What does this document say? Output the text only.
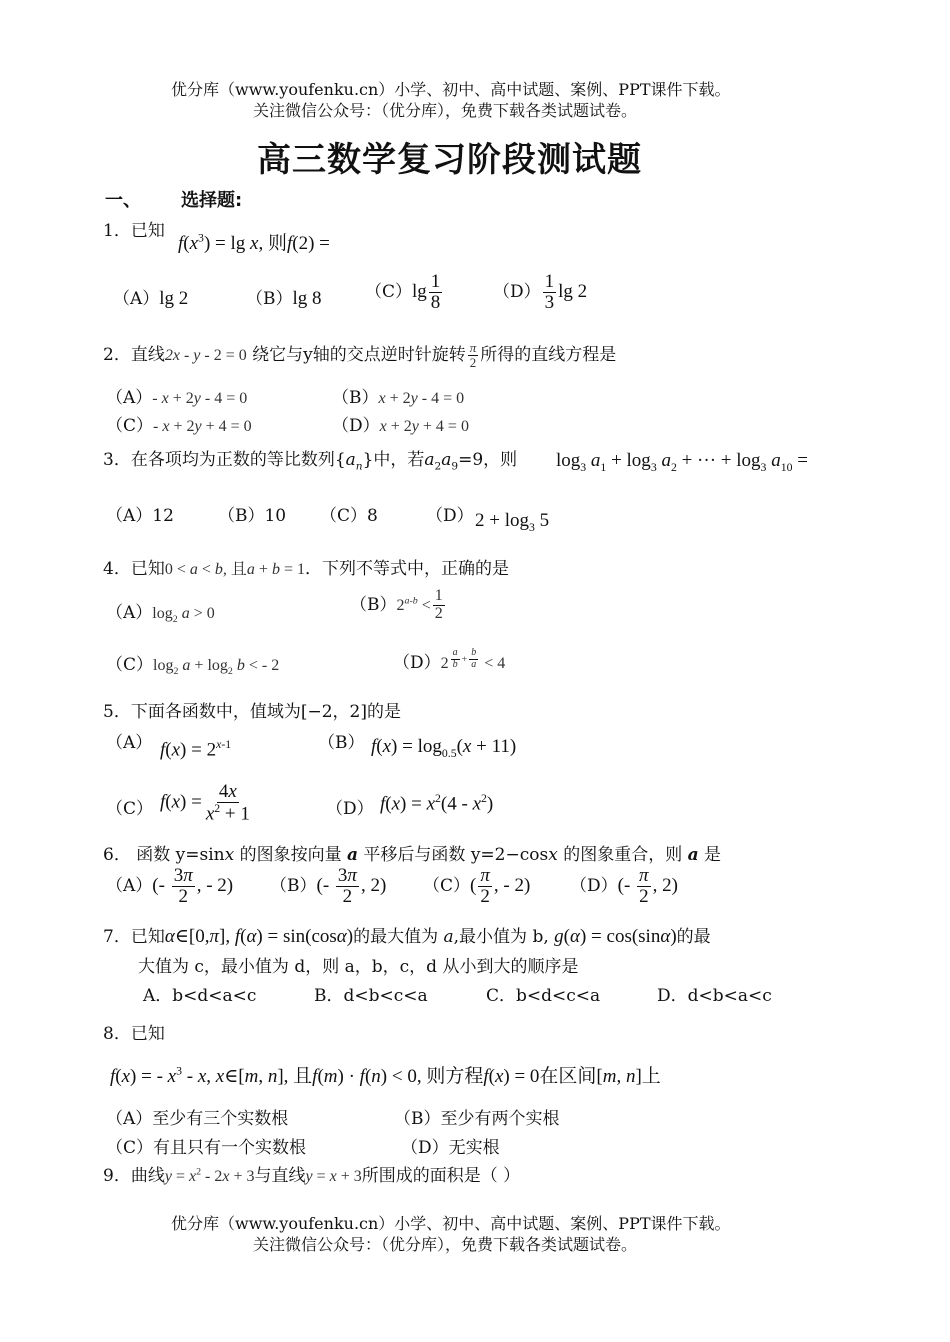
优分库（www.youfenku.cn）小学、初中、高中试题、案例、PPT课件下载。
关注微信公众号：（优分库），免费下载各类试题试卷。
高三数学复习阶段测试题
一、 选择题:
1．已知
$f(x^3) = \lg x$, 则f(2) =
（A）lg 2	（B）lg 8	$(C)\lg \frac{1}{8}$	$(D) \frac{1}{3}$ lg 2
2．直线2x - y - 2 = 0 绕它与y轴的交点逆时针旋转 $\frac{\pi}{2}$ 所得的直线方程是
（A）- x + 2y - 4 = 0	（B）x + 2y - 4 = 0
（C）- x + 2y + 4 = 0	（D）x + 2y + 4 = 0
3．在各项均为正数的等比数列$\{a_n\}$中，若$a_2a_9=9$，则 $\log_3 a_1 + \log_3 a_2$ + ··· + $\log_3 a_{10}$ =
（A）12	（B）10 （C）8	（D） $2 + \log_3 5$
4．已知0 < a < b, 且a + b = 1．下列不等式中，正确的是
$(A)\log_2$ a > 0	$(B)2^{a-b} < \frac{1}{2}$
$(C)\log_2$ $a + \log_2 b$ < - 2	（D）2 $^{\frac{a}{b} + \frac{b}{a}}$ < 4
5．下面各函数中，值域为[−2，2]的是
（A） $f(x) = 2^{x-1}$	（B） $f(x) = \log_{0.5}(x + 11)$
（C） $f(x) = \frac{4x}{x^2 + 1}$	（D） $f(x) = x^2(4 - x^2)$
6． 函数 y=sinx 的图象按向量 a 平移后与函数 y=2−cosx 的图象重合，则 a 是
$(A)(- \frac{3\pi}{2}$ , - 2) $(B)(- \frac{3\pi}{2}$ , 2) $(C)( \frac{\pi}{2}$ , - 2) $(D)(- \frac{\pi}{2}$ , 2)
7．已知α∈[0,π], f(α) = sin(cosα)的最大值为 a,最小值为 b, g(α) = cos(sinα)的最
大值为 c，最小值为 d，则 a，b，c，d 从小到大的顺序是
A．b<d<a<c	B．d<b<c<a	C．b<d<c<a	D．d<b<a<c
8．已知
f(x) = - $x^3$ - x, x∈[m, n], 且f(m) · f(n) < 0, 则方程f(x) = 0在区间[m, n]上
（A）至少有三个实数根	（B）至少有两个实根
（C）有且只有一个实数根	（D）无实根
9．曲线$y = x^2 - 2x + 3$与直线y = x + 3所围成的面积是（ ）
优分库（www.youfenku.cn）小学、初中、高中试题、案例、PPT课件下载。
关注微信公众号：（优分库），免费下载各类试题试卷。
